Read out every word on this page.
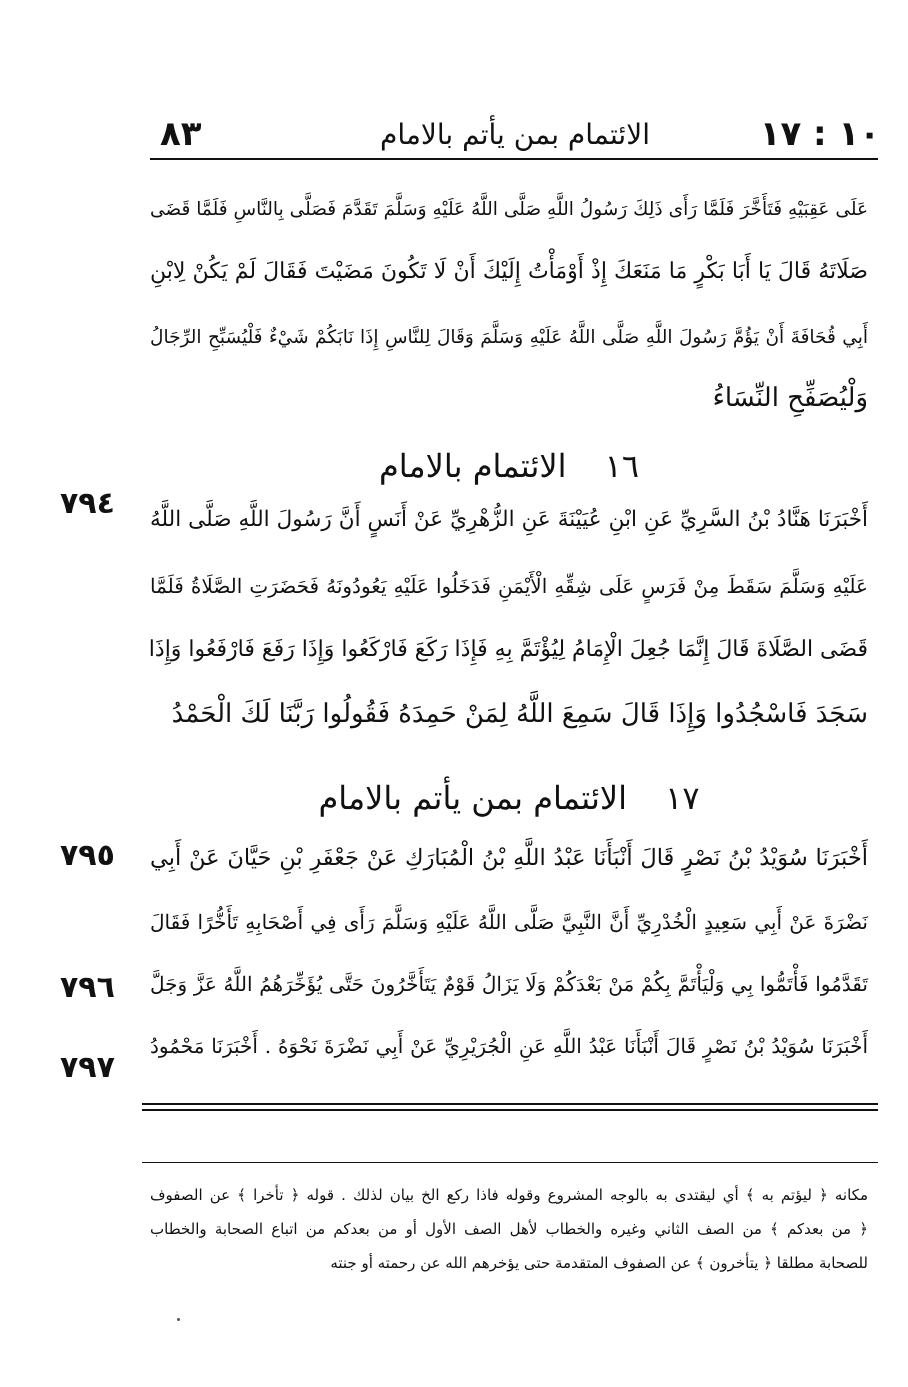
٨٣	الائتمام بمن يأتم بالامام	١٠ : ١٧
عَلَى عَقِبَيْهِ فَتَأَخَّرَ فَلَمَّا رَأَى ذَلِكَ رَسُولُ اللَّهِ صَلَّى اللَّهُ عَلَيْهِ وَسَلَّمَ تَقَدَّمَ فَصَلَّى بِالنَّاسِ فَلَمَّا قَضَى
صَلَاتَهُ قَالَ يَا أَبَا بَكْرٍ مَا مَنَعَكَ إِذْ أَوْمَأْتُ إِلَيْكَ أَنْ لَا تَكُونَ مَضَيْتَ فَقَالَ لَمْ يَكُنْ لِابْنِ
أَبِي قُحَافَةَ أَنْ يَؤُمَّ رَسُولَ اللَّهِ صَلَّى اللَّهُ عَلَيْهِ وَسَلَّمَ وَقَالَ لِلنَّاسِ إِذَا نَابَكُمْ شَيْءٌ فَلْيُسَبِّحِ الرِّجَالُ
وَلْيُصَفِّحِ النِّسَاءُ
١٦ الائتمام بالامام
٧٩٤ أَخْبَرَنَا هَنَّادُ بْنُ السَّرِيِّ عَنِ ابْنِ عُيَيْنَةَ عَنِ الزُّهْرِيِّ عَنْ أَنَسٍ أَنَّ رَسُولَ اللَّهِ صَلَّى اللَّهُ
عَلَيْهِ وَسَلَّمَ سَقَطَ مِنْ فَرَسٍ عَلَى شِقِّهِ الْأَيْمَنِ فَدَخَلُوا عَلَيْهِ يَعُودُونَهُ فَحَضَرَتِ الصَّلَاةُ فَلَمَّا
قَضَى الصَّلَاةَ قَالَ إِنَّمَا جُعِلَ الْإِمَامُ لِيُؤْتَمَّ بِهِ فَإِذَا رَكَعَ فَارْكَعُوا وَإِذَا رَفَعَ فَارْفَعُوا وَإِذَا
سَجَدَ فَاسْجُدُوا وَإِذَا قَالَ سَمِعَ اللَّهُ لِمَنْ حَمِدَهُ فَقُولُوا رَبَّنَا لَكَ الْحَمْدُ
١٧ الائتمام بمن يأتم بالامام
٧٩٥ أَخْبَرَنَا سُوَيْدُ بْنُ نَصْرٍ قَالَ أَنْبَأَنَا عَبْدُ اللَّهِ بْنُ الْمُبَارَكِ عَنْ جَعْفَرِ بْنِ حَيَّانَ عَنْ أَبِي
نَضْرَةَ عَنْ أَبِي سَعِيدٍ الْخُدْرِيِّ أَنَّ النَّبِيَّ صَلَّى اللَّهُ عَلَيْهِ وَسَلَّمَ رَأَى فِي أَصْحَابِهِ تَأَخُّرًا فَقَالَ
تَقَدَّمُوا فَأْتَمُّوا بِي وَلْيَأْتَمَّ بِكُمْ مَنْ بَعْدَكُمْ وَلَا يَزَالُ قَوْمٌ يَتَأَخَّرُونَ حَتَّى يُؤَخِّرَهُمُ اللَّهُ عَزَّ وَجَلَّ
٧٩٦
أَخْبَرَنَا سُوَيْدُ بْنُ نَصْرٍ قَالَ أَنْبَأَنَا عَبْدُ اللَّهِ عَنِ الْجُرَيْرِيِّ عَنْ أَبِي نَضْرَةَ نَحْوَهُ . أَخْبَرَنَا مَحْمُودُ
٧٩٧
مكانه ﴿ ليؤتم به ﴾ أي ليقتدى به بالوجه المشروع وقوله فاذا ركع الخ بيان لذلك . قوله ﴿ تأخرا ﴾ عن الصفوف
﴿ من بعدكم ﴾ من الصف الثاني وغيره والخطاب لأهل الصف الأول أو من بعدكم من اتباع الصحابة والخطاب
للصحابة مطلقا ﴿ يتأخرون ﴾ عن الصفوف المتقدمة حتى يؤخرهم الله عن رحمته أو جنته
